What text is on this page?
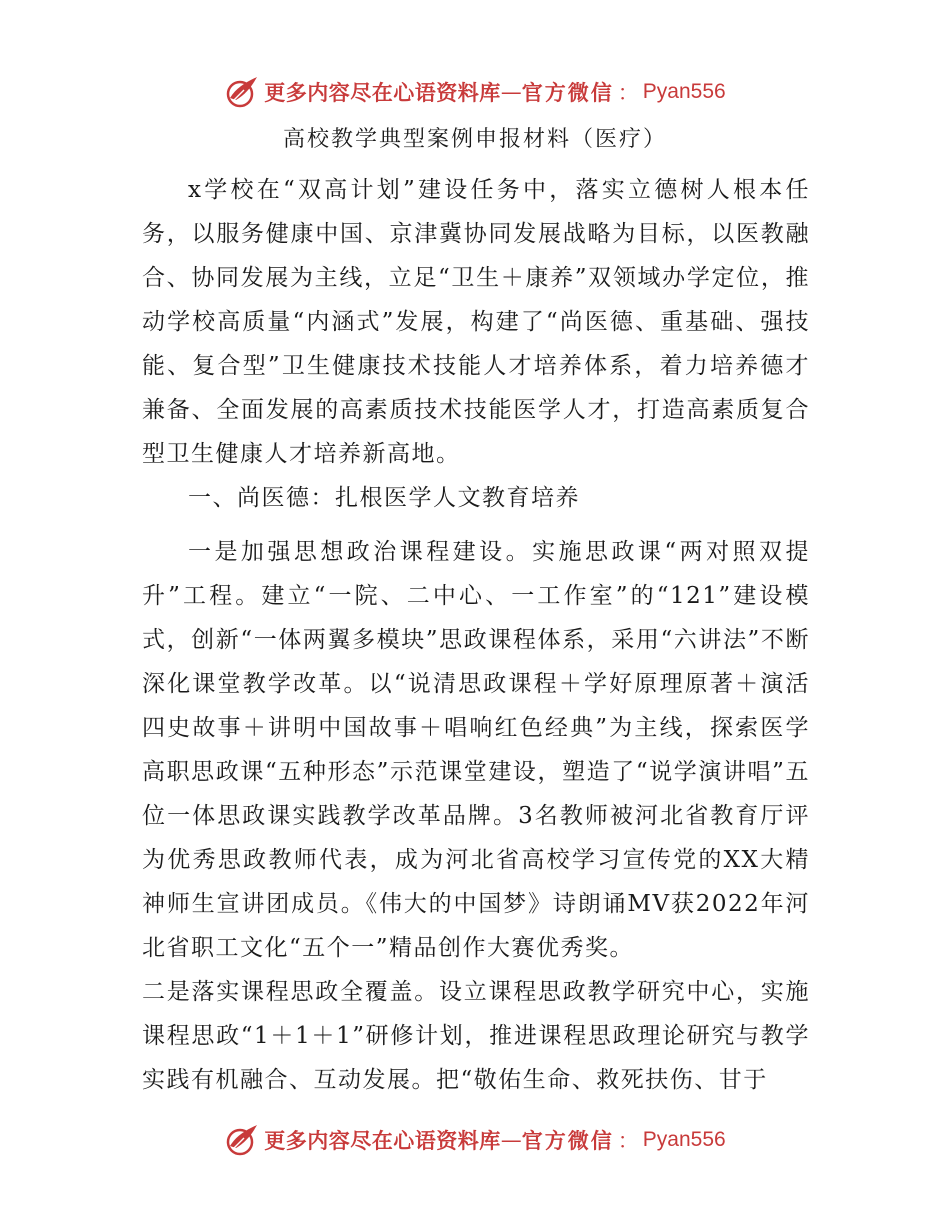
更多内容尽在心语资料库 — 官方微信 ： Pyan556
高校教学典型案例申报材料（医疗）

x学校在“双高计划”建设任务中，落实立德树人根本任务，以服务健康中国、京津冀协同发展战略为目标，以医教融合、协同发展为主线，立足“卫生＋康养”双领域办学定位，推动学校高质量“内涵式”发展，构建了“尚医德、重基础、强技能、复合型”卫生健康技术技能人才培养体系，着力培养德才兼备、全面发展的高素质技术技能医学人才，打造高素质复合型卫生健康人才培养新高地。

一、尚医德：扎根医学人文教育培养

一是加强思想政治课程建设。实施思政课“两对照双提升”工程。建立“一院、二中心、一工作室”的“121”建设模式，创新“一体两翼多模块”思政课程体系，采用“六讲法”不断深化课堂教学改革。以“说清思政课程＋学好原理原著＋演活四史故事＋讲明中国故事＋唱响红色经典”为主线，探索医学高职思政课“五种形态”示范课堂建设，塑造了“说学演讲唱”五位一体思政课实践教学改革品牌。3名教师被河北省教育厅评为优秀思政教师代表，成为河北省高校学习宣传党的XX大精神师生宣讲团成员。《伟大的中国梦》诗朗诵MV获2022年河北省职工文化“五个一”精品创作大赛优秀奖。

二是落实课程思政全覆盖。设立课程思政教学研究中心，实施课程思政“1＋1＋1”研修计划，推进课程思政理论研究与教学实践有机融合、互动发展。把“敬佑生命、救死扶伤、甘于

更多内容尽在心语资料库 — 官方微信 ： Pyan556
